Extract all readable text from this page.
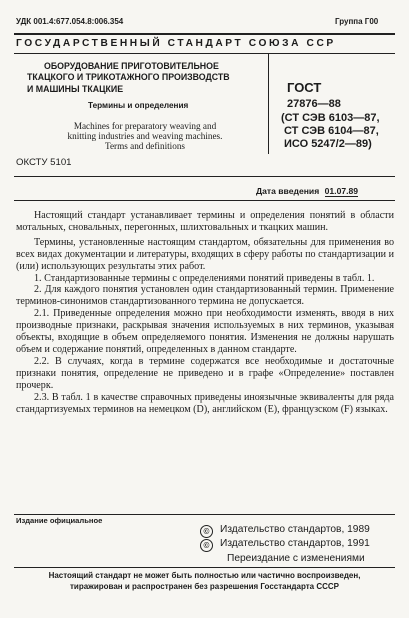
УДК 001.4:677.054.8:006.354	Группа Г00
ГОСУДАРСТВЕННЫЙ СТАНДАРТ СОЮЗА ССР
ОБОРУДОВАНИЕ ПРИГОТОВИТЕЛЬНОЕ
ТКАЦКОГО И ТРИКОТАЖНОГО ПРОИЗВОДСТВ
И МАШИНЫ ТКАЦКИЕ
Термины и определения
Machines for preparatory weaving and
knitting industries and weaving machines.
Terms and definitions
ГОСТ
27876—88
(СТ СЭВ 6103—87,
СТ СЭВ 6104—87,
ИСО 5247/2—89)
ОКСТУ 5101
Дата введения 01.07.89

Настоящий стандарт устанавливает термины и определения понятий в области мотальных, сновальных, перегонных, шлихтовальных и ткацких машин.

Термины, установленные настоящим стандартом, обязательны для применения во всех видах документации и литературы, входящих в сферу работы по стандартизации и (или) использующих результаты этих работ.

1. Стандартизованные термины с определениями понятий приведены в табл. 1.

2. Для каждого понятия установлен один стандартизованный термин. Применение терминов-синонимов стандартизованного термина не допускается.

2.1. Приведенные определения можно при необходимости изменять, вводя в них производные признаки, раскрывая значения используемых в них терминов, указывая объекты, входящие в объем определяемого понятия. Изменения не должны нарушать объем и содержание понятий, определенных в данном стандарте.

2.2. В случаях, когда в термине содержатся все необходимые и достаточные признаки понятия, определение не приведено и в графе «Определение» поставлен прочерк.

2.3. В табл. 1 в качестве справочных приведены иноязычные эквиваленты для ряда стандартизуемых терминов на немецком (D), английском (E), французском (F) языках.

Издание официальное
© Издательство стандартов, 1989
© Издательство стандартов, 1991
Переиздание с изменениями
Настоящий стандарт не может быть полностью или частично воспроизведен,
тиражирован и распространен без разрешения Госстандарта СССР
